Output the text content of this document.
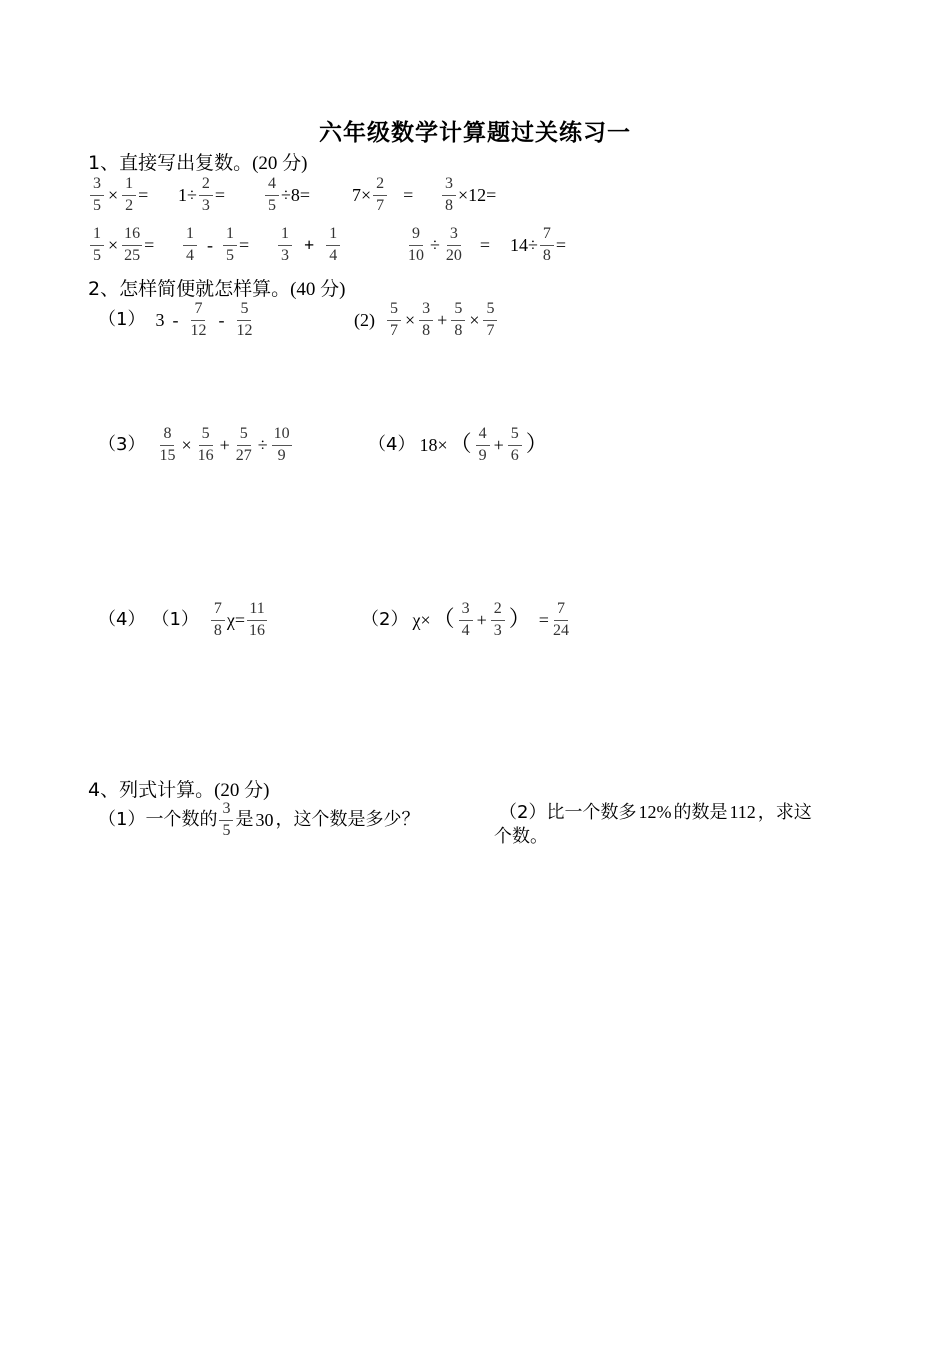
六年级数学计算题过关练习一
1、直接写出复数。(20 分)
$\frac{3}{5} \times \frac{1}{2} = 1\div \frac{2}{3} = \frac{4}{5} \div 8= 7\times \frac{2}{7} = \frac{3}{8} \times 12=$
$\frac{1}{5} \times \frac{16}{25} = \frac{1}{4} - \frac{1}{5} = \frac{1}{3} + \frac{1}{4}$	$\frac{9}{10} \div \frac{3}{20} = 14\div \frac{7}{8}$ =
2、怎样简便就怎样算。(40 分)
（1） $3 - \frac{7}{12} - \frac{5}{12}$	$(2) \frac{5}{7} \times \frac{3}{8} + \frac{5}{8} \times \frac{5}{7}$
$(3) \frac{8}{15} \times \frac{5}{16} + \frac{5}{27} \div \frac{10}{9}$	（4） 18× （ $\frac{4}{9} + \frac{5}{6}$ ）
（4） $(1) \frac{7}{8} \chi= \frac{11}{16}$	（2） χ× （ $\frac{3}{4} + \frac{2}{3}$ ） = $\frac{7}{24}$
4、列式计算。(20 分)
（1） 一个数的 $\frac{3}{5}$ 是 30 ，这个数是多少？	（2）比一个数多 12% 的数是 112 ，求这
个数。
